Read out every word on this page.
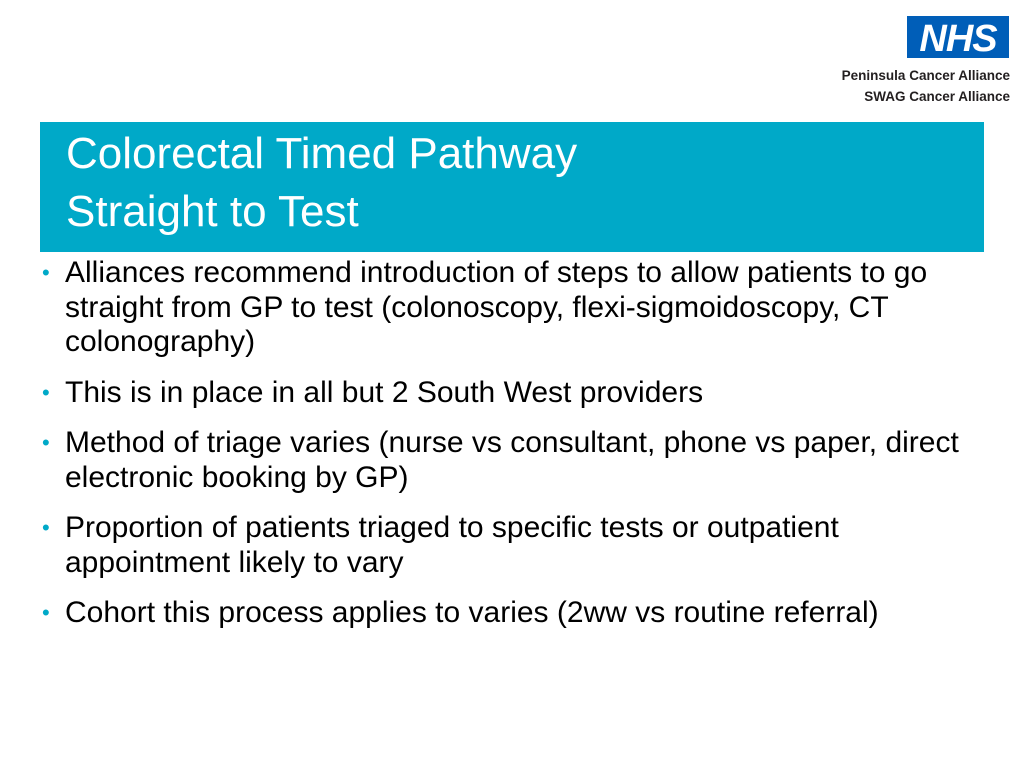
NHS
Peninsula Cancer Alliance
SWAG Cancer Alliance
Colorectal Timed Pathway
Straight to Test
• Alliances recommend introduction of steps to allow patients to go straight from GP to test (colonoscopy, flexi-sigmoidoscopy, CT colonography)
• This is in place in all but 2 South West providers
• Method of triage varies (nurse vs consultant, phone vs paper, direct electronic booking by GP)
• Proportion of patients triaged to specific tests or outpatient appointment likely to vary
• Cohort this process applies to varies (2ww vs routine referral)
